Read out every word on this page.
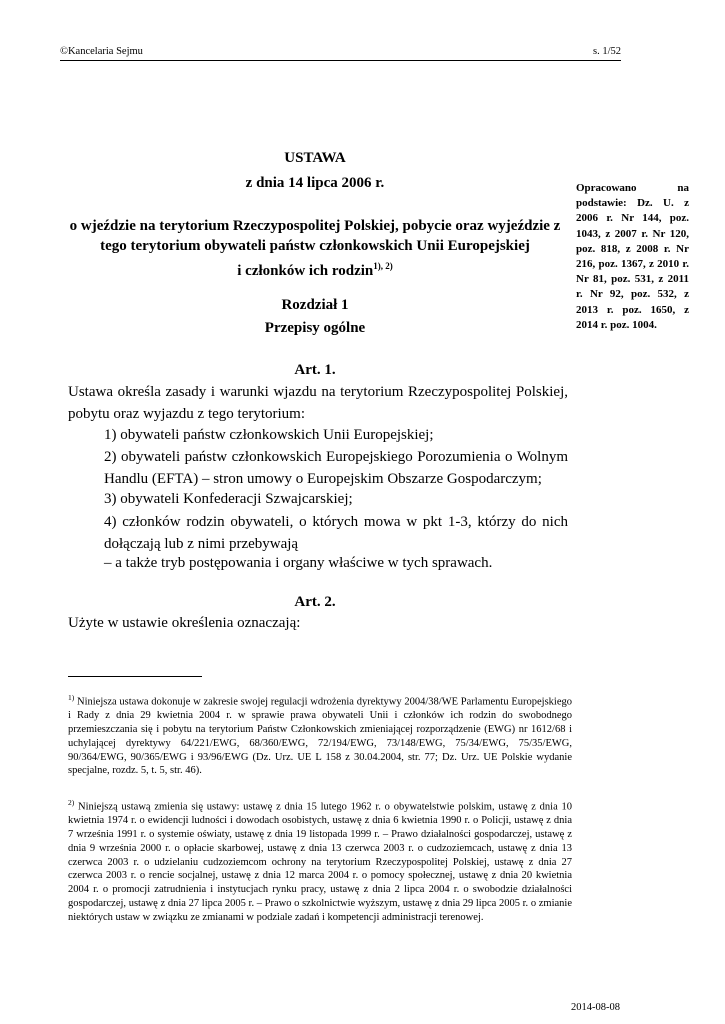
©Kancelaria Sejmu	s. 1/52
USTAWA
z dnia 14 lipca 2006 r.
o wjeździe na terytorium Rzeczypospolitej Polskiej, pobycie oraz wyjeździe z
tego terytorium obywateli państw członkowskich Unii Europejskiej
i członków ich rodzin$^{1), 2)}$
Opracowano na podstawie: Dz. U. z 2006 r. Nr 144, poz. 1043, z 2007 r. Nr 120, poz. 818, z 2008 r. Nr 216, poz. 1367, z 2010 r. Nr 81, poz. 531, z 2011 r. Nr 92, poz. 532, z 2013 r. poz. 1650, z 2014 r. poz. 1004.
Rozdział 1
Przepisy ogólne
Art. 1.
Ustawa określa zasady i warunki wjazdu na terytorium Rzeczypospolitej Polskiej, pobytu oraz wyjazdu z tego terytorium:
1) obywateli państw członkowskich Unii Europejskiej;
2) obywateli państw członkowskich Europejskiego Porozumienia o Wolnym Handlu (EFTA) – stron umowy o Europejskim Obszarze Gospodarczym;
3) obywateli Konfederacji Szwajcarskiej;
4) członków rodzin obywateli, o których mowa w pkt 1-3, którzy do nich dołączają lub z nimi przebywają
– a także tryb postępowania i organy właściwe w tych sprawach.
Art. 2.
Użyte w ustawie określenia oznaczają:
$^{1)}$ Niniejsza ustawa dokonuje w zakresie swojej regulacji wdrożenia dyrektywy 2004/38/WE Parlamentu Europejskiego i Rady z dnia 29 kwietnia 2004 r. w sprawie prawa obywateli Unii i członków ich rodzin do swobodnego przemieszczania się i pobytu na terytorium Państw Członkowskich zmieniającej rozporządzenie (EWG) nr 1612/68 i uchylającej dyrektywy 64/221/EWG, 68/360/EWG, 72/194/EWG, 73/148/EWG, 75/34/EWG, 75/35/EWG, 90/364/EWG, 90/365/EWG i 93/96/EWG (Dz. Urz. UE L 158 z 30.04.2004, str. 77; Dz. Urz. UE Polskie wydanie specjalne, rozdz. 5, t. 5, str. 46).
$^{2)}$ Niniejszą ustawą zmienia się ustawy: ustawę z dnia 15 lutego 1962 r. o obywatelstwie polskim, ustawę z dnia 10 kwietnia 1974 r. o ewidencji ludności i dowodach osobistych, ustawę z dnia 6 kwietnia 1990 r. o Policji, ustawę z dnia 7 września 1991 r. o systemie oświaty, ustawę z dnia 19 listopada 1999 r. – Prawo działalności gospodarczej, ustawę z dnia 9 września 2000 r. o opłacie skarbowej, ustawę z dnia 13 czerwca 2003 r. o cudzoziemcach, ustawę z dnia 13 czerwca 2003 r. o udzielaniu cudzoziemcom ochrony na terytorium Rzeczypospolitej Polskiej, ustawę z dnia 27 czerwca 2003 r. o rencie socjalnej, ustawę z dnia 12 marca 2004 r. o pomocy społecznej, ustawę z dnia 20 kwietnia 2004 r. o promocji zatrudnienia i instytucjach rynku pracy, ustawę z dnia 2 lipca 2004 r. o swobodzie działalności gospodarczej, ustawę z dnia 27 lipca 2005 r. – Prawo o szkolnictwie wyższym, ustawę z dnia 29 lipca 2005 r. o zmianie niektórych ustaw w związku ze zmianami w podziale zadań i kompetencji administracji terenowej.
2014-08-08
